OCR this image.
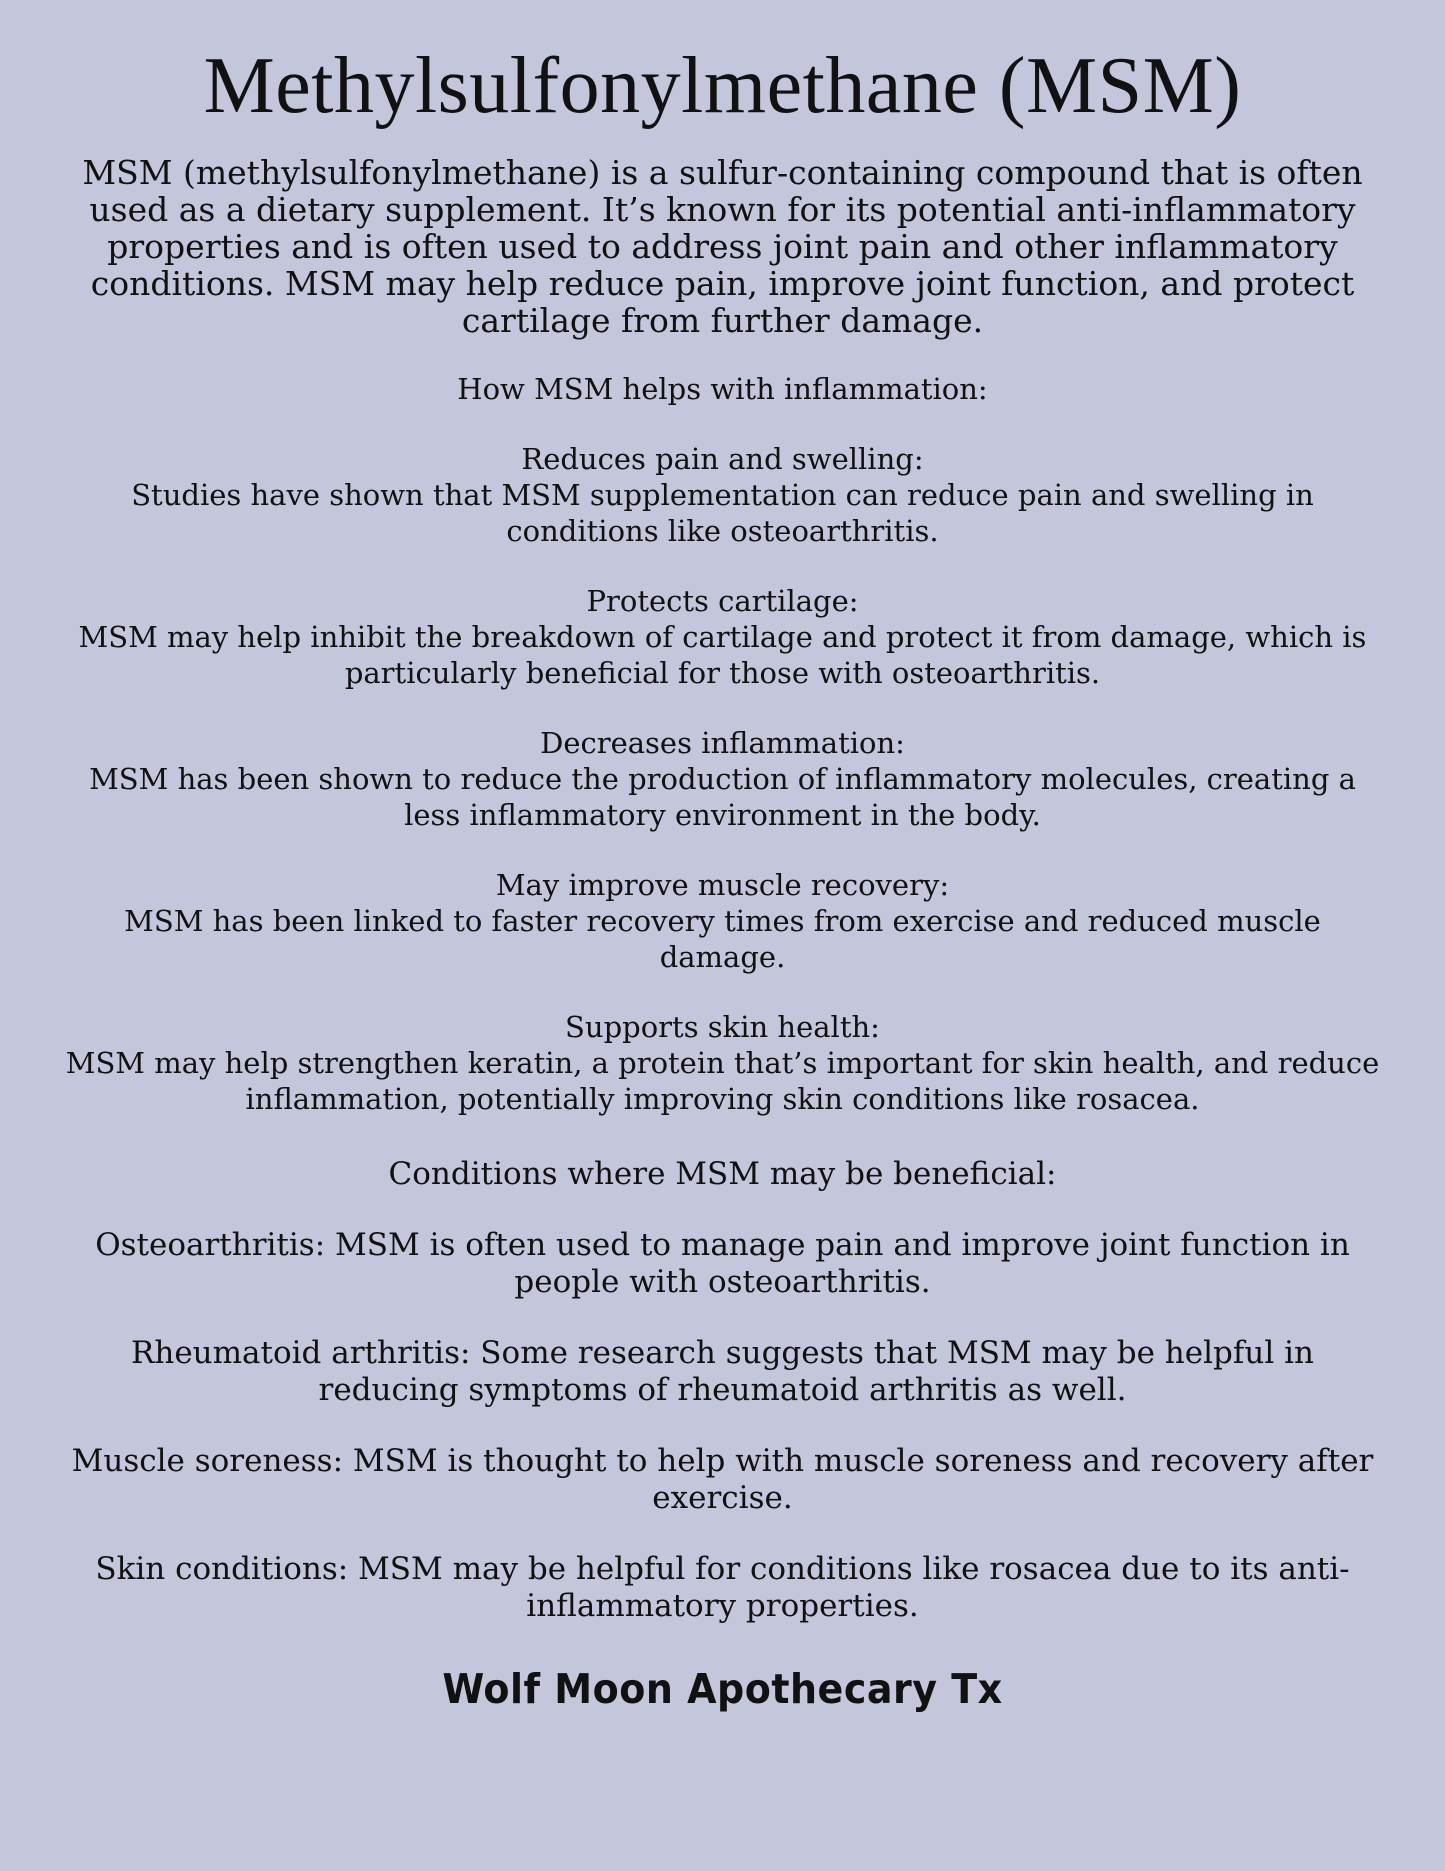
Methylsulfonylmethane (MSM)

MSM (methylsulfonylmethane) is a sulfur-containing compound that is often used as a dietary supplement. It’s known for its potential anti-inflammatory properties and is often used to address joint pain and other inflammatory conditions. MSM may help reduce pain, improve joint function, and protect cartilage from further damage.

How MSM helps with inflammation:

Reduces pain and swelling:

Studies have shown that MSM supplementation can reduce pain and swelling in conditions like osteoarthritis.

Protects cartilage:

MSM may help inhibit the breakdown of cartilage and protect it from damage, which is particularly beneficial for those with osteoarthritis.

Decreases inflammation:

MSM has been shown to reduce the production of inflammatory molecules, creating a less inflammatory environment in the body.

May improve muscle recovery:

MSM has been linked to faster recovery times from exercise and reduced muscle damage.

Supports skin health:

MSM may help strengthen keratin, a protein that’s important for skin health, and reduce inflammation, potentially improving skin conditions like rosacea.

Conditions where MSM may be beneficial:

Osteoarthritis: MSM is often used to manage pain and improve joint function in people with osteoarthritis.

Rheumatoid arthritis: Some research suggests that MSM may be helpful in reducing symptoms of rheumatoid arthritis as well.

Muscle soreness: MSM is thought to help with muscle soreness and recovery after exercise.

Skin conditions: MSM may be helpful for conditions like rosacea due to its anti-inflammatory properties.

Wolf Moon Apothecary Tx
